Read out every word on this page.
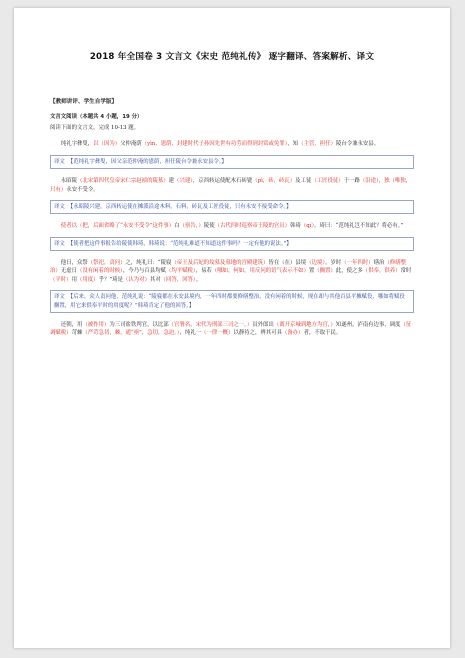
2018 年全国卷 3 文言文《宋史 范纯礼传》 逐字翻译、答案解析、译文
【教师讲评、学生自学版】
文言文阅读（本题共 4 小题，19 分）
阅读下面的文言文，完成 10-13 题。
纯礼字彝叟，以（因为）父仲淹荫（yìn，恩荫，封建时代子孙因先世有功劳而得到封赏或免罪），知（主管，担任）陵台令兼永安县。
译文 【范纯礼字彝叟，因父亲范仲淹的恩荫，担任陵台令兼永安县令。】
永昭陵（北宋第四代皇帝宋仁宗赵祯的陵墓）建（兴建），京西转运使配木石砖甓（pì，砖，砖瓦）及工徒（工匠役徒）于一路（沿途），独（唯独，只有）永安不受令。
译文 【永昭陵兴建，京西转运使在摊派沿途木料，石料，砖瓦及工匠役徒，只有永安不接受命令。】
使者以（把，后面省略了“永安不受令”这件事）白（禀告，）陵使（古代四时巡察帝王陵的官员）韩琦（qí），琦曰：“范纯礼岂不知此？将必有。”
译文 【使者把这件事报告给陵使韩琦，韩琦说：“范纯礼难道不知道这件事吗？一定有他的说法。”】
他日，众祭（祭祀，责问）之，纯礼曰：“陵寝（帝王及后妃的坟墓及墓地的宫殿建筑）皆在（在）县境（边境），岁时（一年四时）缮治（修缮整治）无虚日（没有闲着的时候），今乃与百县均赋（均平赋税），易若（哪如，何如，用反问的语气表示不如）置（搁置）此，使之多（供奉，供养）常时（平时）用（用度）乎？”琦是（认为对）其对（回答，回答）。
译文 【后来，众人责问他，范纯礼说：“陵寝都在永安县境内，一年四时都要修缮整治，没有闲着的时候，现在却与其他百县平摊赋役，哪如将赋役搁置，用它来供奉平时的用度呢？”韩琦肯定了他的回答。】
还朝，用（被作用）为三司盐铁判官，以比部（官署名，宋代为刑部三司之一，）员外郎出（离开京城到地方为官，）知遂州。泸南有边事，调度（征调赋税）苛棘（严苛急切，棘，通“亟”，急切，急迫。），纯礼一（一律一概）以静待之，辨其可具（备办）者，不取于民。
